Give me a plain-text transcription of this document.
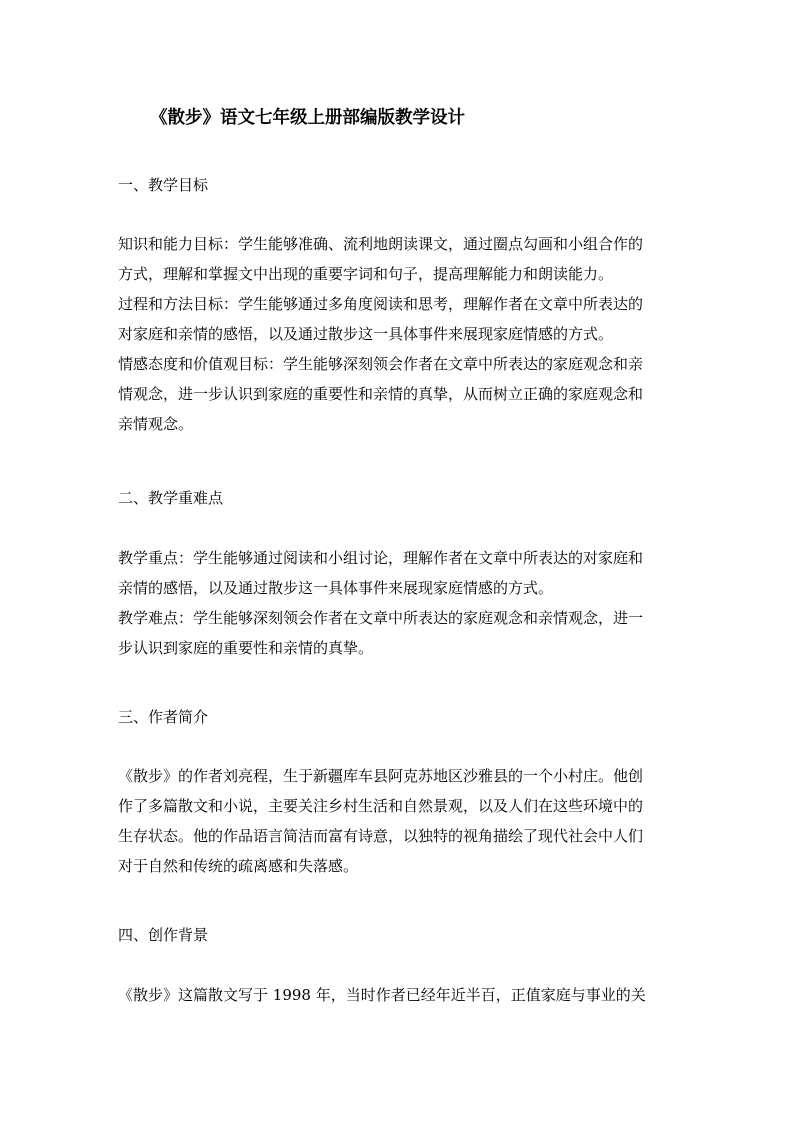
《散步》语文七年级上册部编版教学设计
一、教学目标
知识和能力目标：学生能够准确、流利地朗读课文，通过圈点勾画和小组合作的
方式，理解和掌握文中出现的重要字词和句子，提高理解能力和朗读能力。
过程和方法目标：学生能够通过多角度阅读和思考，理解作者在文章中所表达的
对家庭和亲情的感悟，以及通过散步这一具体事件来展现家庭情感的方式。
情感态度和价值观目标：学生能够深刻领会作者在文章中所表达的家庭观念和亲
情观念，进一步认识到家庭的重要性和亲情的真挚，从而树立正确的家庭观念和
亲情观念。
二、教学重难点
教学重点：学生能够通过阅读和小组讨论，理解作者在文章中所表达的对家庭和
亲情的感悟，以及通过散步这一具体事件来展现家庭情感的方式。
教学难点：学生能够深刻领会作者在文章中所表达的家庭观念和亲情观念，进一
步认识到家庭的重要性和亲情的真挚。
三、作者简介
《散步》的作者刘亮程，生于新疆库车县阿克苏地区沙雅县的一个小村庄。他创
作了多篇散文和小说，主要关注乡村生活和自然景观，以及人们在这些环境中的
生存状态。他的作品语言简洁而富有诗意，以独特的视角描绘了现代社会中人们
对于自然和传统的疏离感和失落感。
四、创作背景
《散步》这篇散文写于 1998 年，当时作者已经年近半百，正值家庭与事业的关
